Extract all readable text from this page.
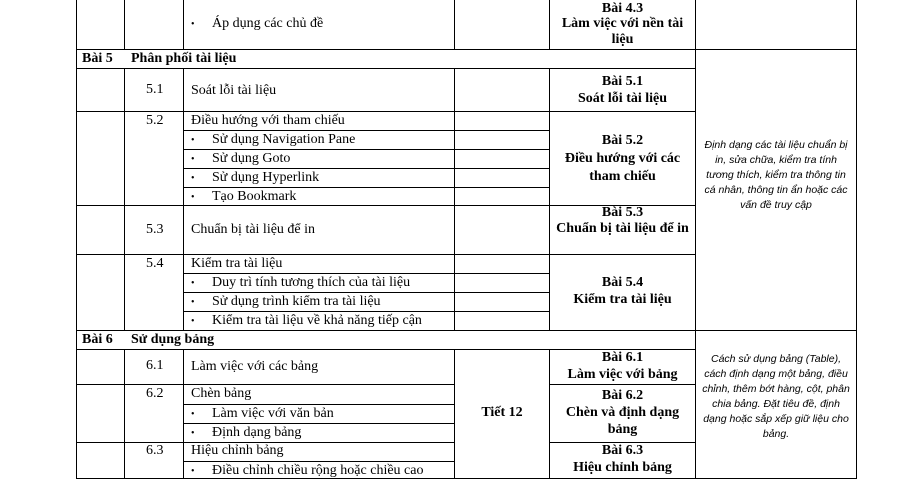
• Áp dụng các chủ đề
Bài 4.3
Làm việc với nền tài liệu
Bài 5 Phân phối tài liệu
5.1 Soát lỗi tài liệu
Bài 5.1
Soát lỗi tài liệu
5.2 Điều hướng với tham chiếu
• Sử dụng Navigation Pane
• Sử dụng Goto
• Sử dụng Hyperlink
• Tạo Bookmark
Bài 5.2
Điều hướng với các tham chiếu
5.3 Chuẩn bị tài liệu để in
Bài 5.3
Chuẩn bị tài liệu để in
5.4 Kiểm tra tài liệu
• Duy trì tính tương thích của tài liệu
• Sử dụng trình kiểm tra tài liệu
• Kiểm tra tài liệu về khả năng tiếp cận
Bài 5.4
Kiểm tra tài liệu
Định dạng các tài liệu chuẩn bị in, sửa chữa, kiểm tra tính tương thích, kiểm tra thông tin cá nhân, thông tin ẩn hoặc các vấn đề truy cập
Bài 6 Sử dụng bảng
6.1 Làm việc với các bảng
Bài 6.1
Làm việc với bảng
6.2 Chèn bảng
• Làm việc với văn bản
• Định dạng bảng
Bài 6.2
Chèn và định dạng bảng
6.3 Hiệu chỉnh bảng
• Điều chỉnh chiều rộng hoặc chiều cao
Bài 6.3
Hiệu chỉnh bảng
Tiết 12
Cách sử dụng bảng (Table), cách định dạng một bảng, điều chỉnh, thêm bớt hàng, cột, phân chia bảng. Đặt tiêu đề, định dạng hoặc sắp xếp giữ liệu cho bảng.
